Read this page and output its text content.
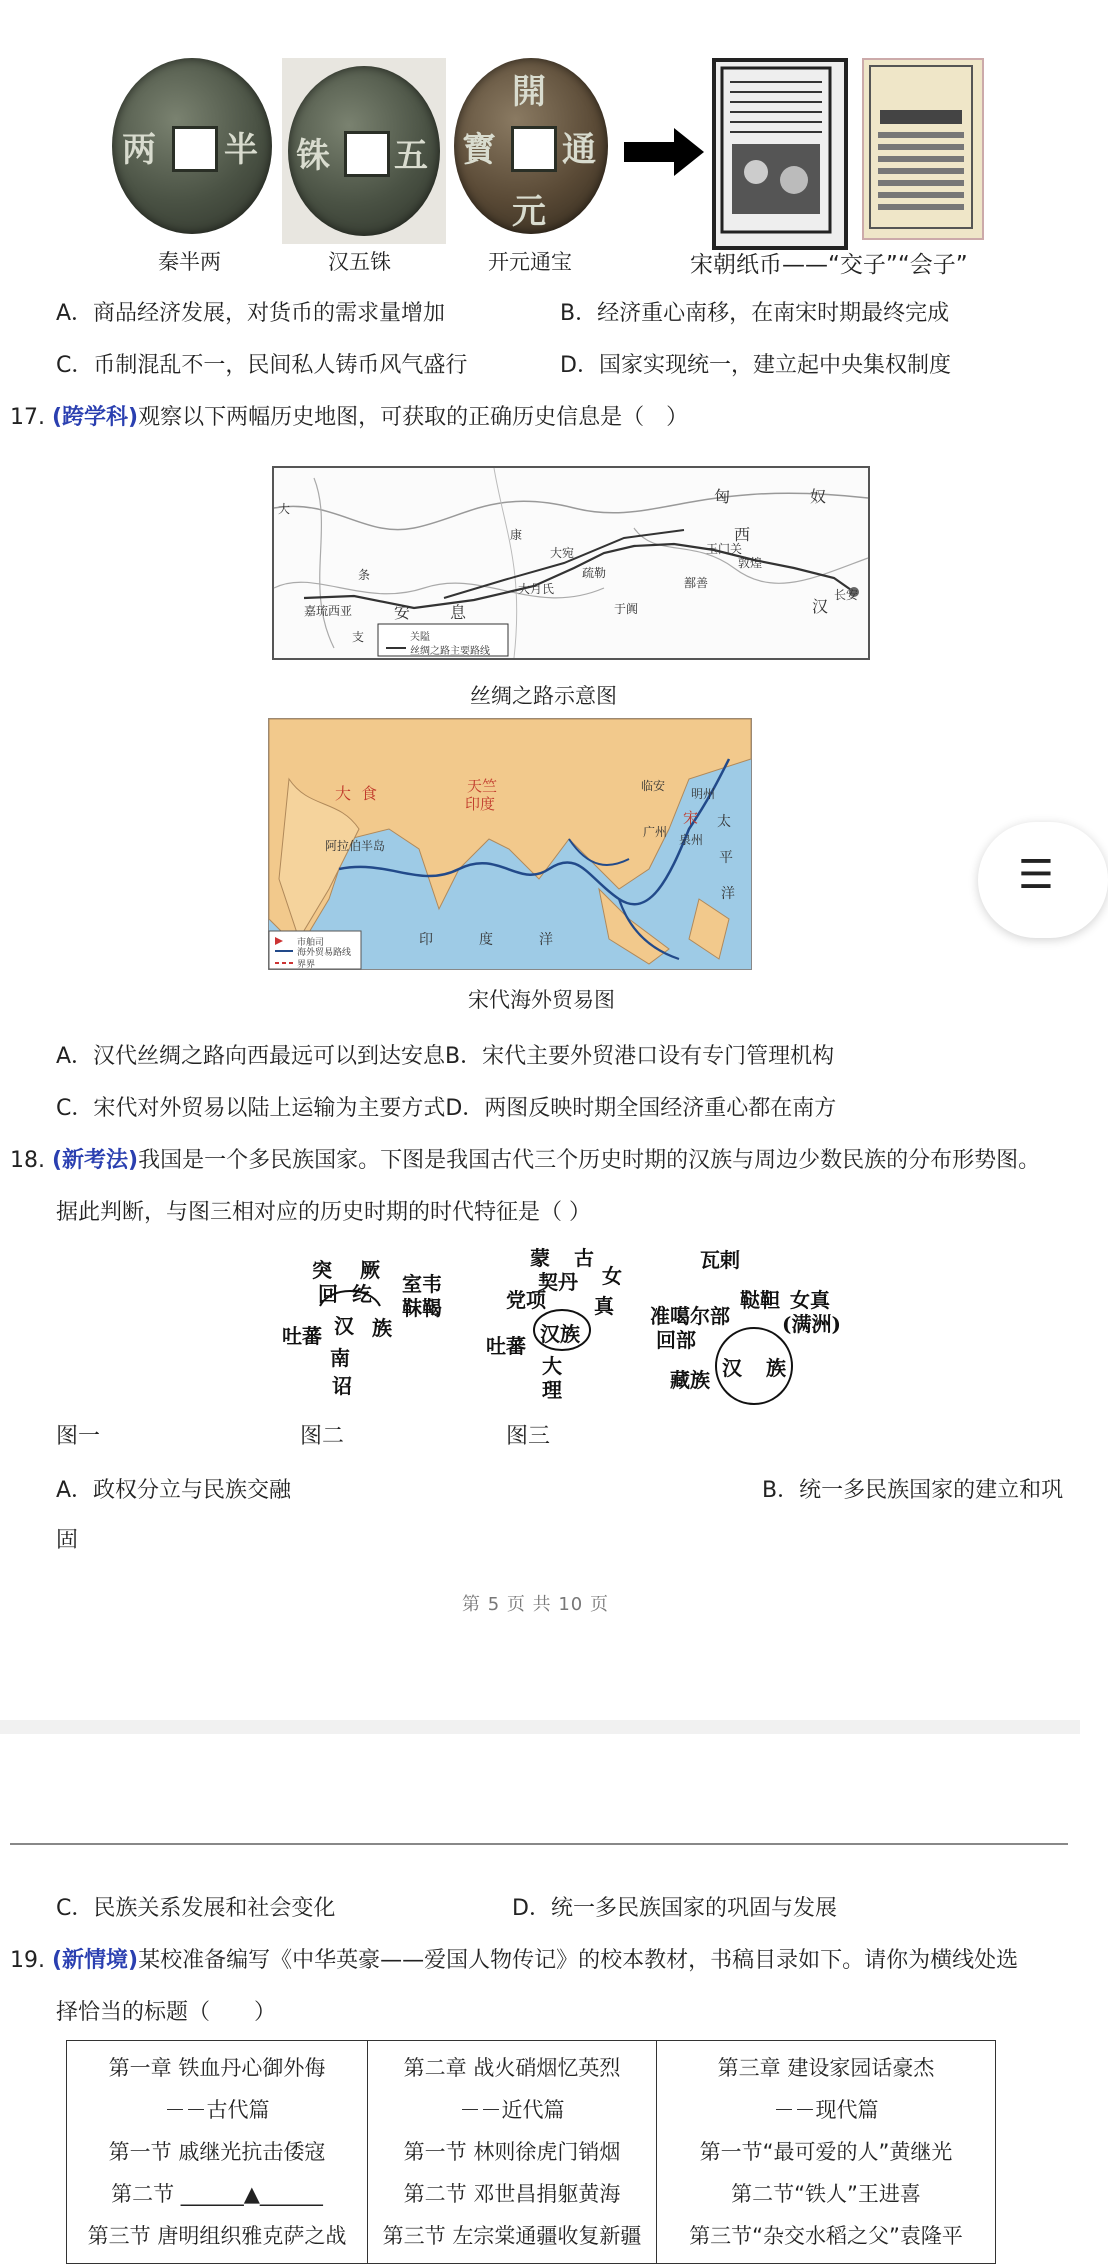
两 半
秦半两
铢 五
汉五铢
開
通
寳
元
开元通宝	宋朝纸币——“交子”“会子”
A．商品经济发展，对货币的需求量增加	B．经济重心南移，在南宋时期最终完成
C．币制混乱不一，民间私人铸币风气盛行	D．国家实现统一，建立起中央集权制度
17. (跨学科)观察以下两幅历史地图，可获取的正确历史信息是（　）
匈	奴
西
汉
安 息
大
长安
玉门关
敦煌
大宛
康
条
支
疏勒
大月氏
于阗
鄯善
嘉琉西亚
关隘
丝绸之路主要路线
丝绸之路示意图
大 食	天竺
印度
宋
临安
明州
泉州
广州
阿拉伯半岛
太
平
洋
印	度	洋
市舶司
海外贸易路线
界界
宋代海外贸易图
A．汉代丝绸之路向西最远可以到达安息B．宋代主要外贸港口设有专门管理机构
C．宋代对外贸易以陆上运输为主要方式D．两图反映时期全国经济重心都在南方
☰
18. (新考法)我国是一个多民族国家。下图是我国古代三个历史时期的汉族与周边少数民族的分布形势图。
据此判断，与图三相对应的历史时期的时代特征是（ ）
突 厥
回 纥 室韦
靺鞨
吐蕃 汉 族
南
诏
蒙 古
女
契丹
党项 真
吐蕃 汉族
大
理
瓦剌
鞑靼 女真
(满洲)
准噶尔部
回部
藏族 汉 族
图一	图二	图三
A．政权分立与民族交融	B．统一多民族国家的建立和巩
固
第 5 页 共 10 页
C．民族关系发展和社会变化	D．统一多民族国家的巩固与发展
19. (新情境)某校准备编写《中华英豪——爱国人物传记》的校本教材，书稿目录如下。请你为横线处选
择恰当的标题（　　）
第一章 铁血丹心御外侮
－－古代篇
第一节 戚继光抗击倭寇
第二节 ______▲______
第三节 唐明组织雅克萨之战

第二章 战火硝烟忆英烈
－－近代篇
第一节 林则徐虎门销烟
第二节 邓世昌捐躯黄海
第三节 左宗棠通疆收复新疆

第三章 建设家园话豪杰
－－现代篇
第一节“最可爱的人”黄继光
第二节“铁人”王进喜
第三节“杂交水稻之父”袁隆平
